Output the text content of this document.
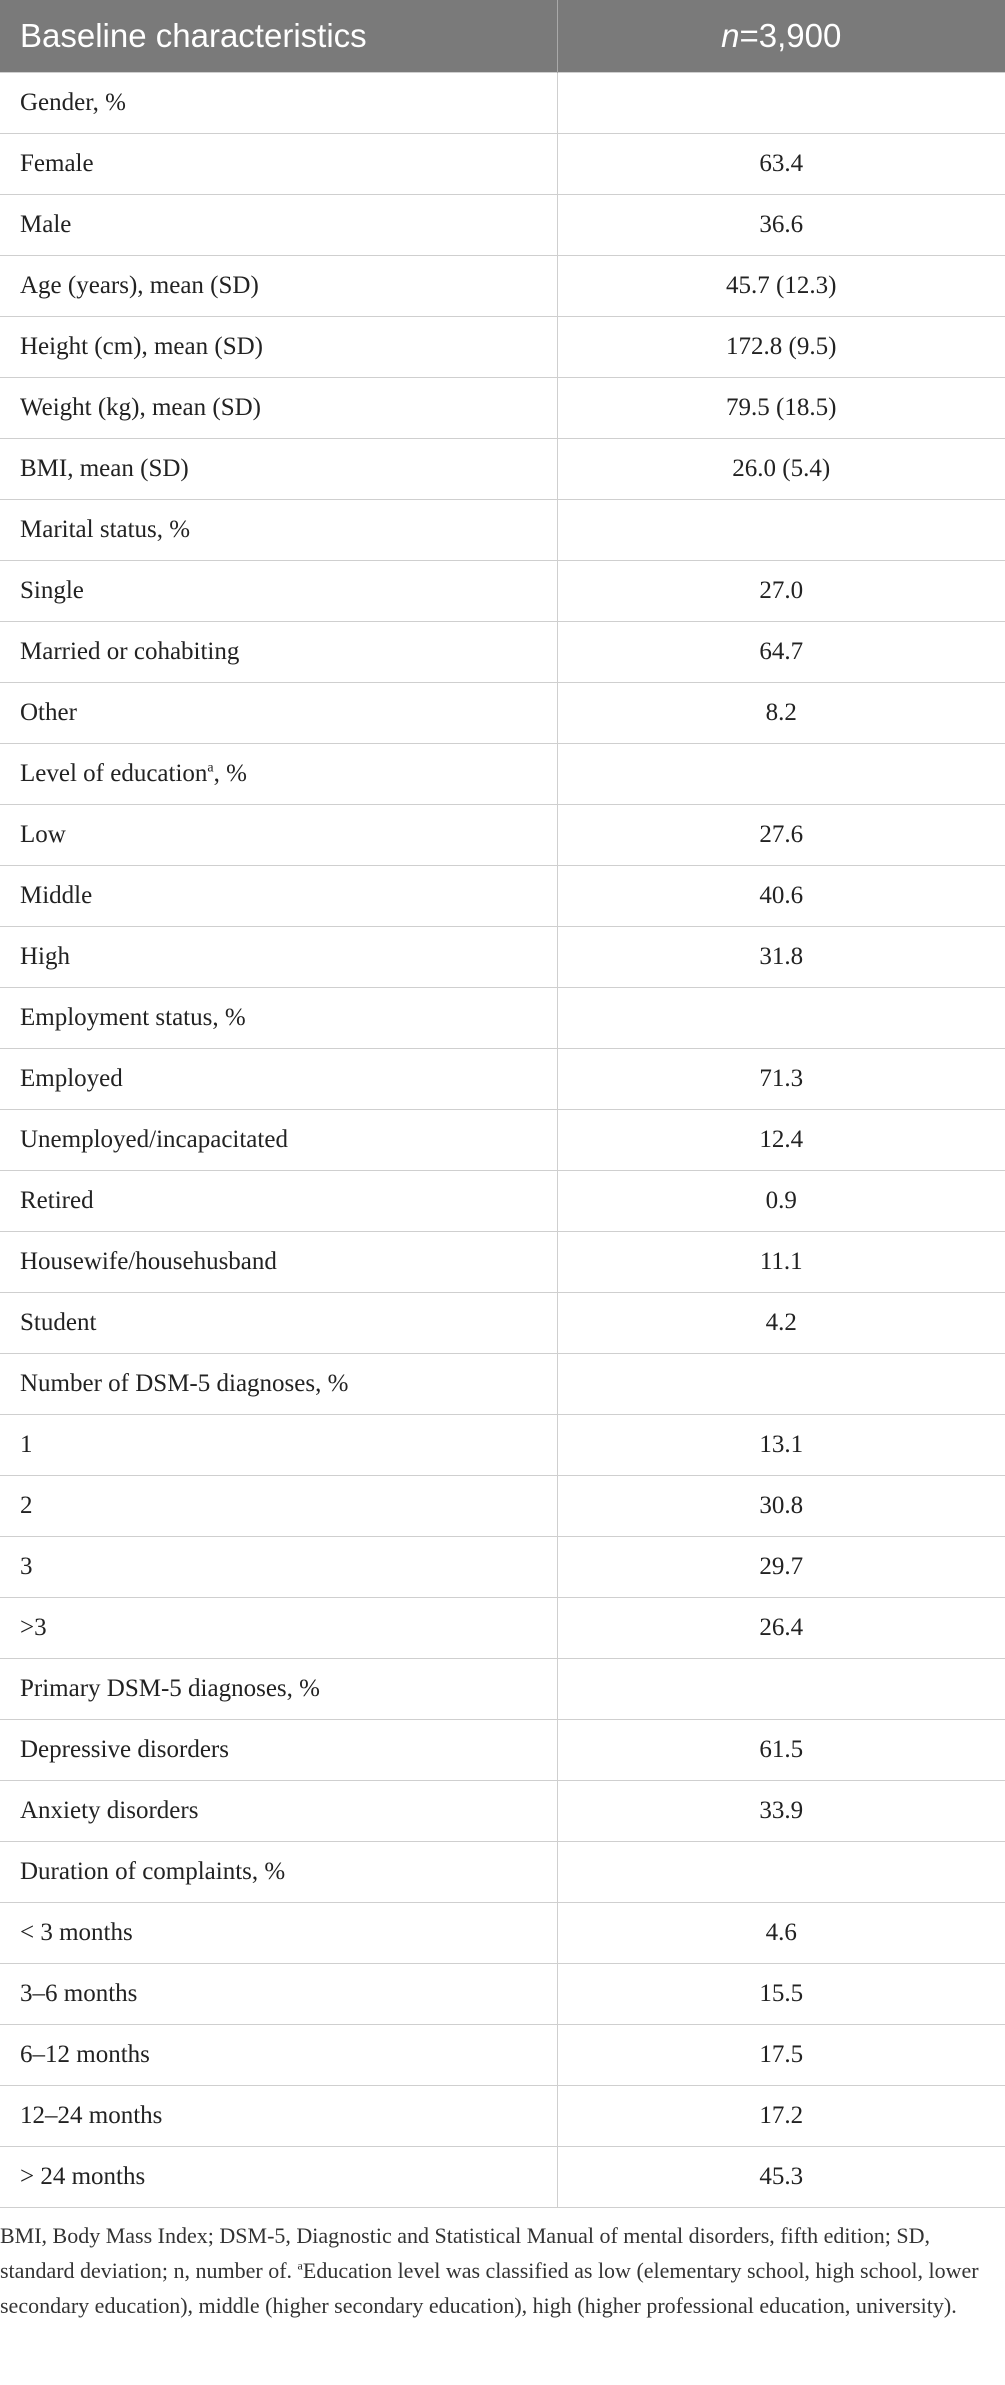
Baseline characteristics	n=3,900
Gender, %	
Female	63.4
Male	36.6
Age (years), mean (SD)	45.7 (12.3)
Height (cm), mean (SD)	172.8 (9.5)
Weight (kg), mean (SD)	79.5 (18.5)
BMI, mean (SD)	26.0 (5.4)
Marital status, %	
Single	27.0
Married or cohabiting	64.7
Other	8.2
Level of education$^a$, %	
Low	27.6
Middle	40.6
High	31.8
Employment status, %	
Employed	71.3
Unemployed/incapacitated	12.4
Retired	0.9
Housewife/househusband	11.1
Student	4.2
Number of DSM-5 diagnoses, %	
1	13.1
2	30.8
3	29.7
>3	26.4
Primary DSM-5 diagnoses, %	
Depressive disorders	61.5
Anxiety disorders	33.9
Duration of complaints, %	
< 3 months	4.6
3–6 months	15.5
6–12 months	17.5
12–24 months	17.2
> 24 months	45.3
BMI, Body Mass Index; DSM-5, Diagnostic and Statistical Manual of mental disorders, fifth edition; SD, standard deviation; n, number of. $^a$Education level was classified as low (elementary school, high school, lower secondary education), middle (higher secondary education), high (higher professional education, university).
